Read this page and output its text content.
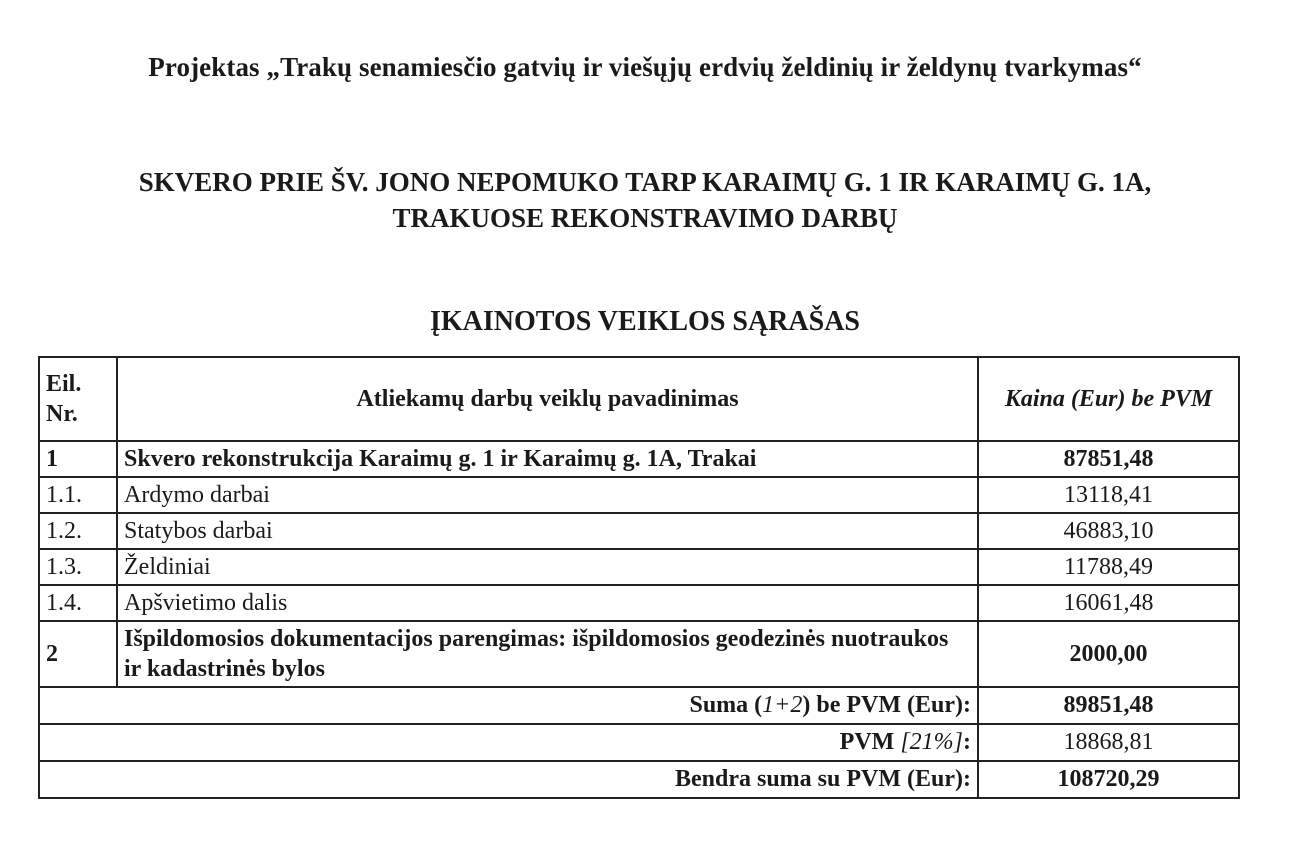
Projektas „Trakų senamiesčio gatvių ir viešųjų erdvių želdinių ir želdynų tvarkymas“
SKVERO PRIE ŠV. JONO NEPOMUKO TARP KARAIMŲ G. 1 IR KARAIMŲ G. 1A,
TRAKUOSE REKONSTRAVIMO DARBŲ
ĮKAINOTOS VEIKLOS SĄRAŠAS
Eil.
Nr.	Atliekamų darbų veiklų pavadinimas	Kaina (Eur) be PVM
1	Skvero rekonstrukcija Karaimų g. 1 ir Karaimų g. 1A, Trakai	87851,48
1.1.	Ardymo darbai	13118,41
1.2.	Statybos darbai	46883,10
1.3.	Želdiniai	11788,49
1.4.	Apšvietimo dalis	16061,48
2	Išpildomosios dokumentacijos parengimas: išpildomosios geodezinės nuotraukos ir kadastrinės bylos	2000,00
Suma (1+2) be PVM (Eur):		89851,48
PVM [21%]:		18868,81
Bendra suma su PVM (Eur):		108720,29
